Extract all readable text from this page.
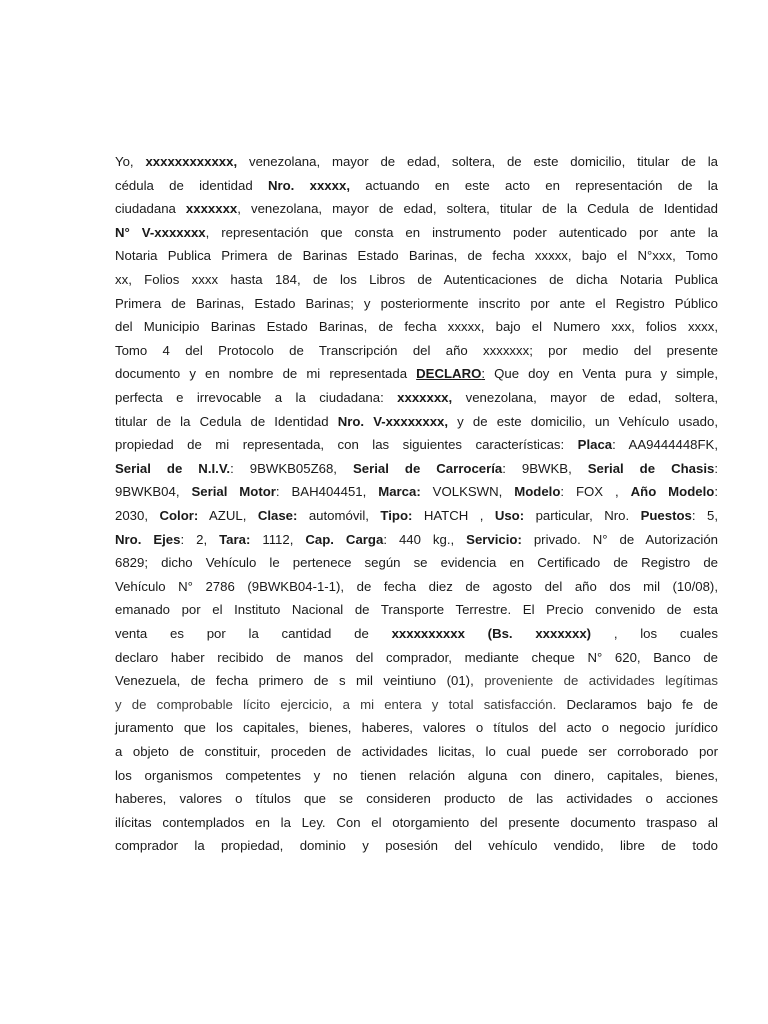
Yo, xxxxxxxxxxxx, venezolana, mayor de edad, soltera, de este domicilio, titular de la
cédula de identidad Nro. xxxxx, actuando en este acto en representación de la
ciudadana xxxxxxx, venezolana, mayor de edad, soltera, titular de la Cedula de Identidad
N° V-xxxxxxx, representación que consta en instrumento poder autenticado por ante la
Notaria Publica Primera de Barinas Estado Barinas, de fecha xxxxx, bajo el N°xxx, Tomo
xx, Folios xxxx hasta 184, de los Libros de Autenticaciones de dicha Notaria Publica
Primera de Barinas, Estado Barinas; y posteriormente inscrito por ante el Registro Público
del Municipio Barinas Estado Barinas, de fecha xxxxx, bajo el Numero xxx, folios xxxx,
Tomo 4 del Protocolo de Transcripción del año xxxxxxx; por medio del presente
documento y en nombre de mi representada DECLARO: Que doy en Venta pura y simple,
perfecta e irrevocable a la ciudadana: xxxxxxx, venezolana, mayor de edad, soltera,
titular de la Cedula de Identidad Nro. V-xxxxxxxx, y de este domicilio, un Vehículo usado,
propiedad de mi representada, con las siguientes características: Placa: AA9444448FK,
Serial de N.I.V.: 9BWKB05Z68, Serial de Carrocería: 9BWKB, Serial de Chasis:
9BWKB04, Serial Motor: BAH404451, Marca: VOLKSWN, Modelo: FOX , Año Modelo:
2030, Color: AZUL, Clase: automóvil, Tipo: HATCH , Uso: particular, Nro. Puestos: 5,
Nro. Ejes: 2, Tara: 1112, Cap. Carga: 440 kg., Servicio: privado. N° de Autorización
6829; dicho Vehículo le pertenece según se evidencia en Certificado de Registro de
Vehículo N° 2786 (9BWKB04-1-1), de fecha diez de agosto del año dos mil (10/08),
emanado por el Instituto Nacional de Transporte Terrestre. El Precio convenido de esta
venta es por la cantidad de xxxxxxxxxx (Bs. xxxxxxx) , los cuales
declaro haber recibido de manos del comprador, mediante cheque N° 620, Banco de
Venezuela, de fecha primero de s mil veintiuno (01), proveniente de actividades legítimas
y de comprobable lícito ejercicio, a mi entera y total satisfacción. Declaramos bajo fe de
juramento que los capitales, bienes, haberes, valores o títulos del acto o negocio jurídico
a objeto de constituir, proceden de actividades licitas, lo cual puede ser corroborado por
los organismos competentes y no tienen relación alguna con dinero, capitales, bienes,
haberes, valores o títulos que se consideren producto de las actividades o acciones
ilícitas contemplados en la Ley. Con el otorgamiento del presente documento traspaso al
comprador la propiedad, dominio y posesión del vehículo vendido, libre de todo
